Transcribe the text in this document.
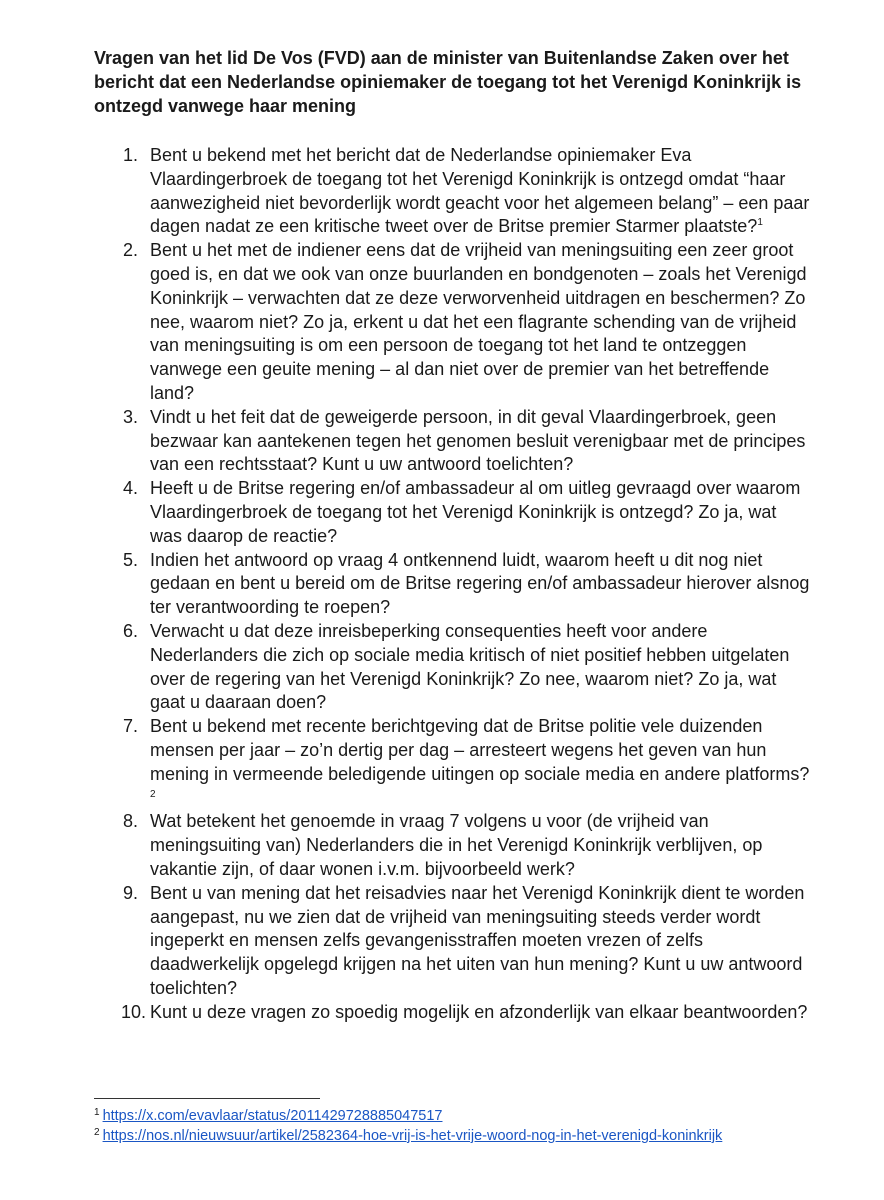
Vragen van het lid De Vos (FVD) aan de minister van Buitenlandse Zaken over het bericht dat een Nederlandse opiniemaker de toegang tot het Verenigd Koninkrijk is ontzegd vanwege haar mening
1. Bent u bekend met het bericht dat de Nederlandse opiniemaker Eva Vlaardingerbroek de toegang tot het Verenigd Koninkrijk is ontzegd omdat “haar aanwezigheid niet bevorderlijk wordt geacht voor het algemeen belang” – een paar dagen nadat ze een kritische tweet over de Britse premier Starmer plaatste?$^1$
2. Bent u het met de indiener eens dat de vrijheid van meningsuiting een zeer groot goed is, en dat we ook van onze buurlanden en bondgenoten – zoals het Verenigd Koninkrijk – verwachten dat ze deze verworvenheid uitdragen en beschermen? Zo nee, waarom niet? Zo ja, erkent u dat het een flagrante schending van de vrijheid van meningsuiting is om een persoon de toegang tot het land te ontzeggen vanwege een geuite mening – al dan niet over de premier van het betreffende land?
3. Vindt u het feit dat de geweigerde persoon, in dit geval Vlaardingerbroek, geen bezwaar kan aantekenen tegen het genomen besluit verenigbaar met de principes van een rechtsstaat? Kunt u uw antwoord toelichten?
4. Heeft u de Britse regering en/of ambassadeur al om uitleg gevraagd over waarom Vlaardingerbroek de toegang tot het Verenigd Koninkrijk is ontzegd? Zo ja, wat was daarop de reactie?
5. Indien het antwoord op vraag 4 ontkennend luidt, waarom heeft u dit nog niet gedaan en bent u bereid om de Britse regering en/of ambassadeur hierover alsnog ter verantwoording te roepen?
6. Verwacht u dat deze inreisbeperking consequenties heeft voor andere Nederlanders die zich op sociale media kritisch of niet positief hebben uitgelaten over de regering van het Verenigd Koninkrijk? Zo nee, waarom niet? Zo ja, wat gaat u daaraan doen?
7. Bent u bekend met recente berichtgeving dat de Britse politie vele duizenden mensen per jaar – zo’n dertig per dag – arresteert wegens het geven van hun mening in vermeende beledigende uitingen op sociale media en andere platforms?$^2$
8. Wat betekent het genoemde in vraag 7 volgens u voor (de vrijheid van meningsuiting van) Nederlanders die in het Verenigd Koninkrijk verblijven, op vakantie zijn, of daar wonen i.v.m. bijvoorbeeld werk?
9. Bent u van mening dat het reisadvies naar het Verenigd Koninkrijk dient te worden aangepast, nu we zien dat de vrijheid van meningsuiting steeds verder wordt ingeperkt en mensen zelfs gevangenisstraffen moeten vrezen of zelfs daadwerkelijk opgelegd krijgen na het uiten van hun mening? Kunt u uw antwoord toelichten?
10. Kunt u deze vragen zo spoedig mogelijk en afzonderlijk van elkaar beantwoorden?
1 https://x.com/evavlaar/status/2011429728885047517
2 https://nos.nl/nieuwsuur/artikel/2582364-hoe-vrij-is-het-vrije-woord-nog-in-het-verenigd-koninkrijk
